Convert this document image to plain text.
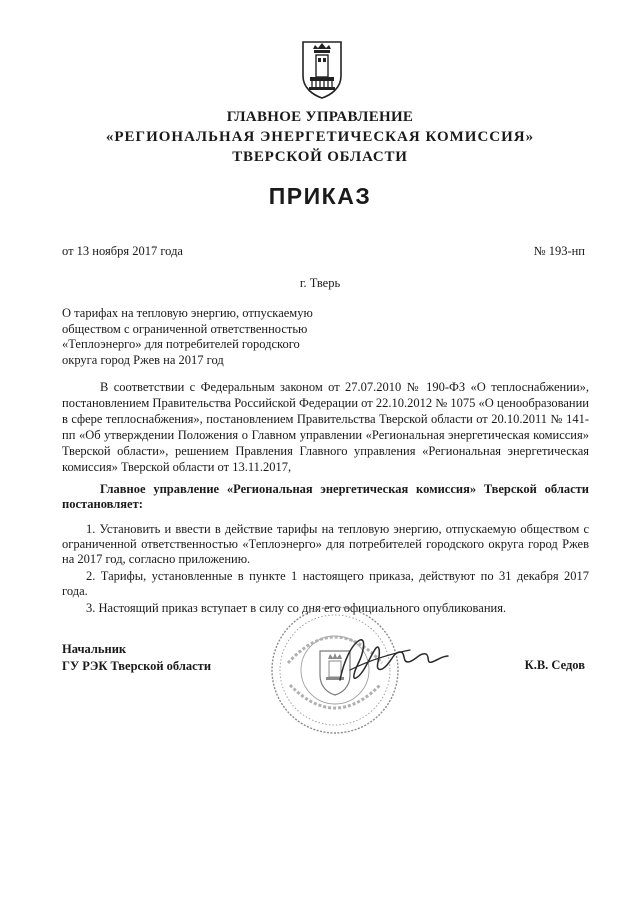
ГЛАВНОЕ УПРАВЛЕНИЕ
«РЕГИОНАЛЬНАЯ ЭНЕРГЕТИЧЕСКАЯ КОМИССИЯ»
ТВЕРСКОЙ ОБЛАСТИ
ПРИКАЗ
от 13 ноября 2017 года	№ 193-нп
г. Тверь
О тарифах на тепловую энергию, отпускаемую обществом с ограниченной ответственностью «Теплоэнерго» для потребителей городского округа город Ржев на 2017 год
В соответствии с Федеральным законом от 27.07.2010 № 190-ФЗ «О теплоснабжении», постановлением Правительства Российской Федерации от 22.10.2012 № 1075 «О ценообразовании в сфере теплоснабжения», постановлением Правительства Тверской области от 20.10.2011 № 141-пп «Об утверждении Положения о Главном управлении «Региональная энергетическая комиссия» Тверской области», решением Правления Главного управления «Региональная энергетическая комиссия» Тверской области от 13.11.2017,
Главное управление «Региональная энергетическая комиссия» Тверской области постановляет:

1. Установить и ввести в действие тарифы на тепловую энергию, отпускаемую обществом с ограниченной ответственностью «Теплоэнерго» для потребителей городского округа город Ржев на 2017 год, согласно приложению.

2. Тарифы, установленные в пункте 1 настоящего приказа, действуют по 31 декабря 2017 года.

3. Настоящий приказ вступает в силу со дня его официального опубликования.

Начальник
ГУ РЭК Тверской области	К.В. Седов
